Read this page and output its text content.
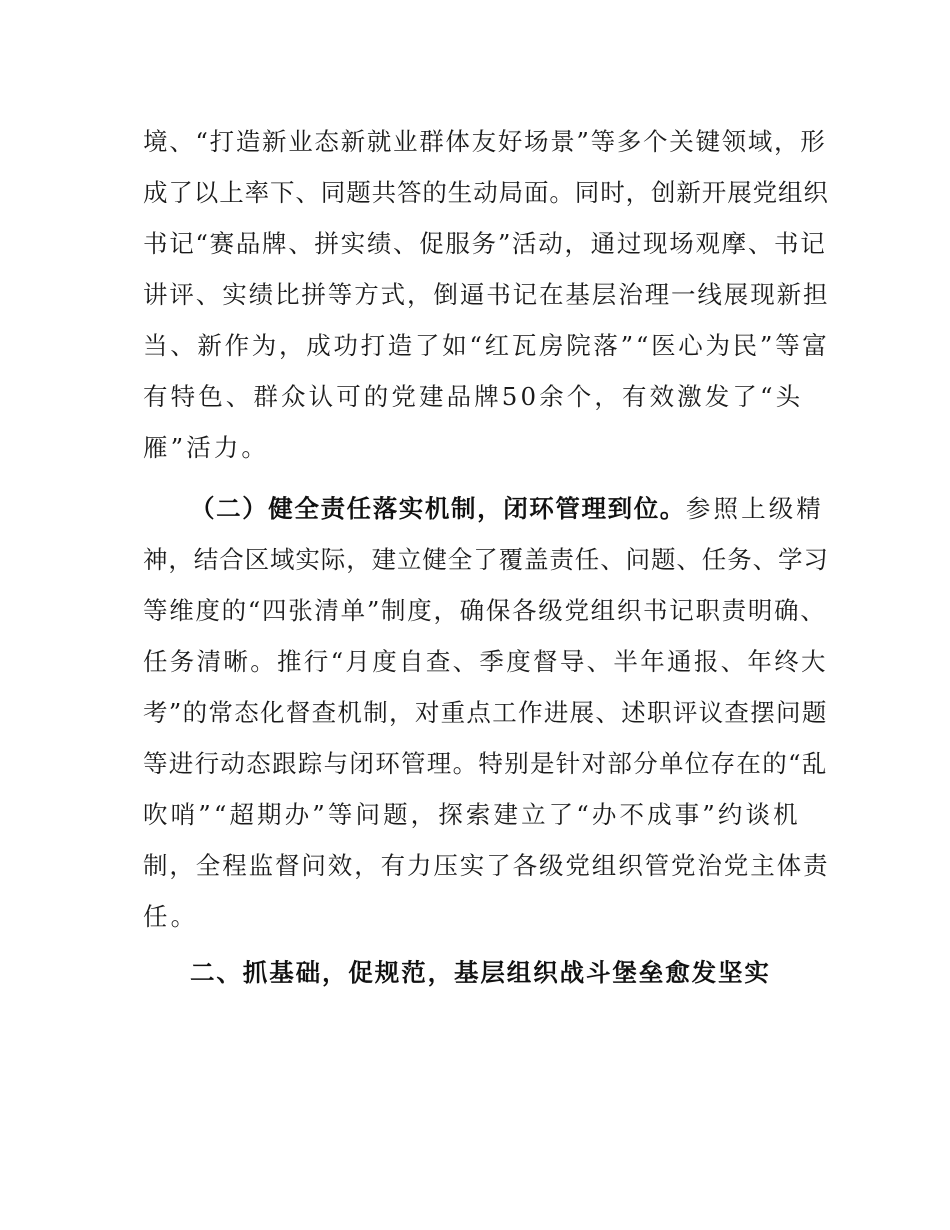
境、“打造新业态新就业群体友好场景”等多个关键领域，形

成了以上率下、同题共答的生动局面。同时，创新开展党组织

书记“赛品牌、拼实绩、促服务”活动，通过现场观摩、书记

讲评、实绩比拼等方式，倒逼书记在基层治理一线展现新担

当、新作为，成功打造了如“红瓦房院落”“医心为民”等富

有特色、群众认可的党建品牌50余个，有效激发了“头

雁”活力。

（二）健全责任落实机制，闭环管理到位。参照上级精

神，结合区域实际，建立健全了覆盖责任、问题、任务、学习

等维度的“四张清单”制度，确保各级党组织书记职责明确、

任务清晰。推行“月度自查、季度督导、半年通报、年终大

考”的常态化督查机制，对重点工作进展、述职评议查摆问题

等进行动态跟踪与闭环管理。特别是针对部分单位存在的“乱

吹哨”“超期办”等问题，探索建立了“办不成事”约谈机

制，全程监督问效，有力压实了各级党组织管党治党主体责

任。

二、抓基础，促规范，基层组织战斗堡垒愈发坚实
